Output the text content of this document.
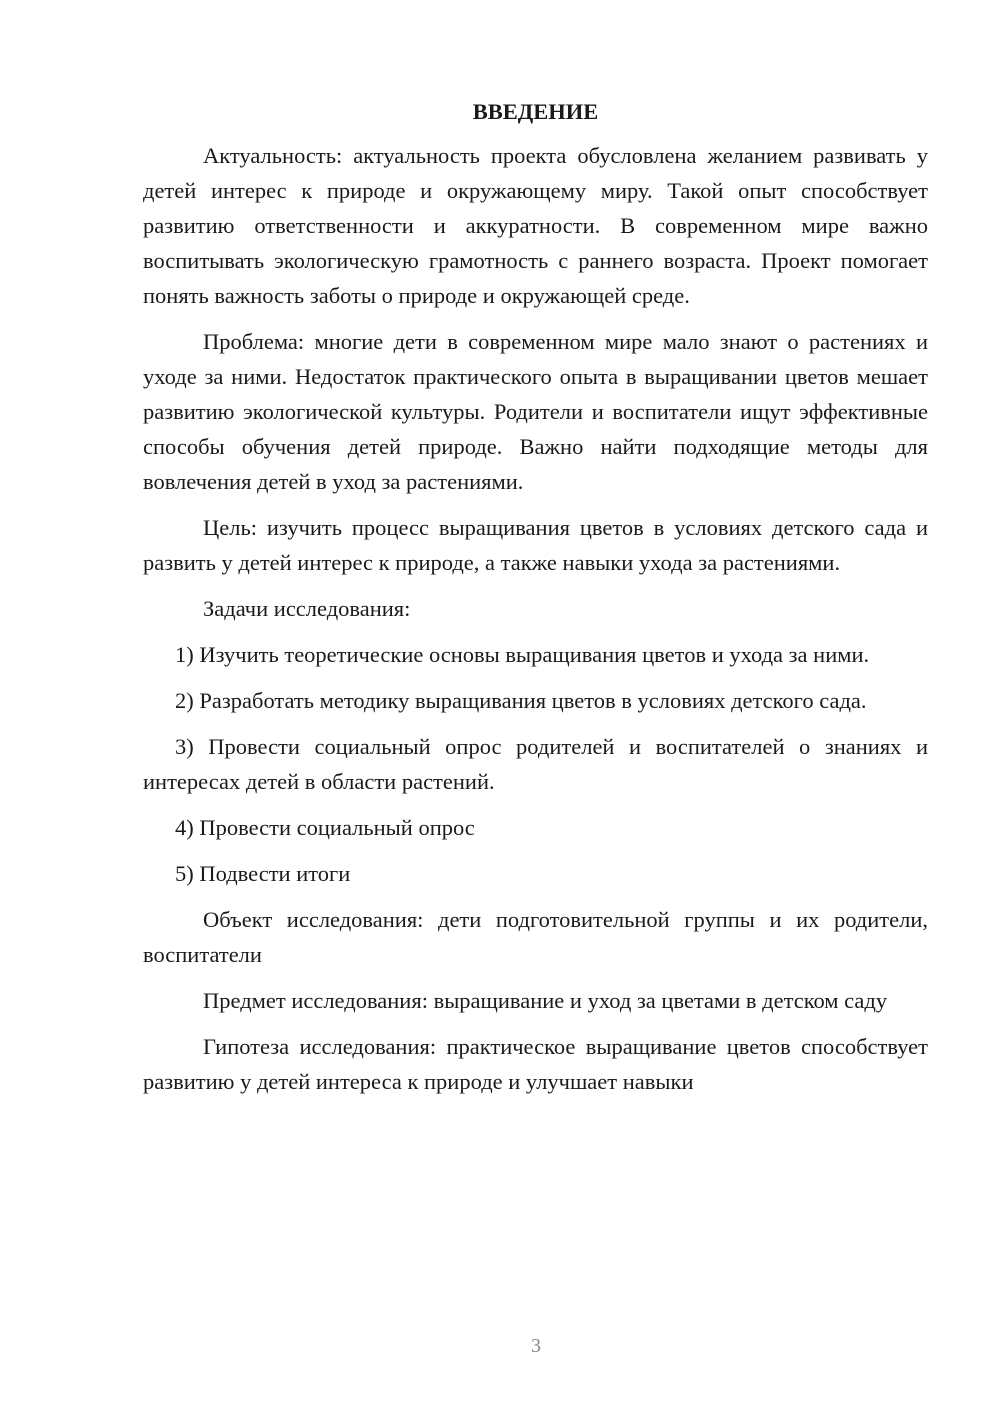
ВВЕДЕНИЕ

Актуальность: актуальность проекта обусловлена желанием развивать у детей интерес к природе и окружающему миру. Такой опыт способствует развитию ответственности и аккуратности. В современном мире важно воспитывать экологическую грамотность с раннего возраста. Проект помогает понять важность заботы о природе и окружающей среде.

Проблема: многие дети в современном мире мало знают о растениях и уходе за ними. Недостаток практического опыта в выращивании цветов мешает развитию экологической культуры. Родители и воспитатели ищут эффективные способы обучения детей природе. Важно найти подходящие методы для вовлечения детей в уход за растениями.

Цель: изучить процесс выращивания цветов в условиях детского сада и развить у детей интерес к природе, а также навыки ухода за растениями.

Задачи исследования:

1) Изучить теоретические основы выращивания цветов и ухода за ними.

2) Разработать методику выращивания цветов в условиях детского сада.

3) Провести социальный опрос родителей и воспитателей о знаниях и интересах детей в области растений.

4) Провести социальный опрос

5) Подвести итоги

Объект исследования: дети подготовительной группы и их родители, воспитатели

Предмет исследования: выращивание и уход за цветами в детском саду

Гипотеза исследования: практическое выращивание цветов способствует развитию у детей интереса к природе и улучшает навыки

3
